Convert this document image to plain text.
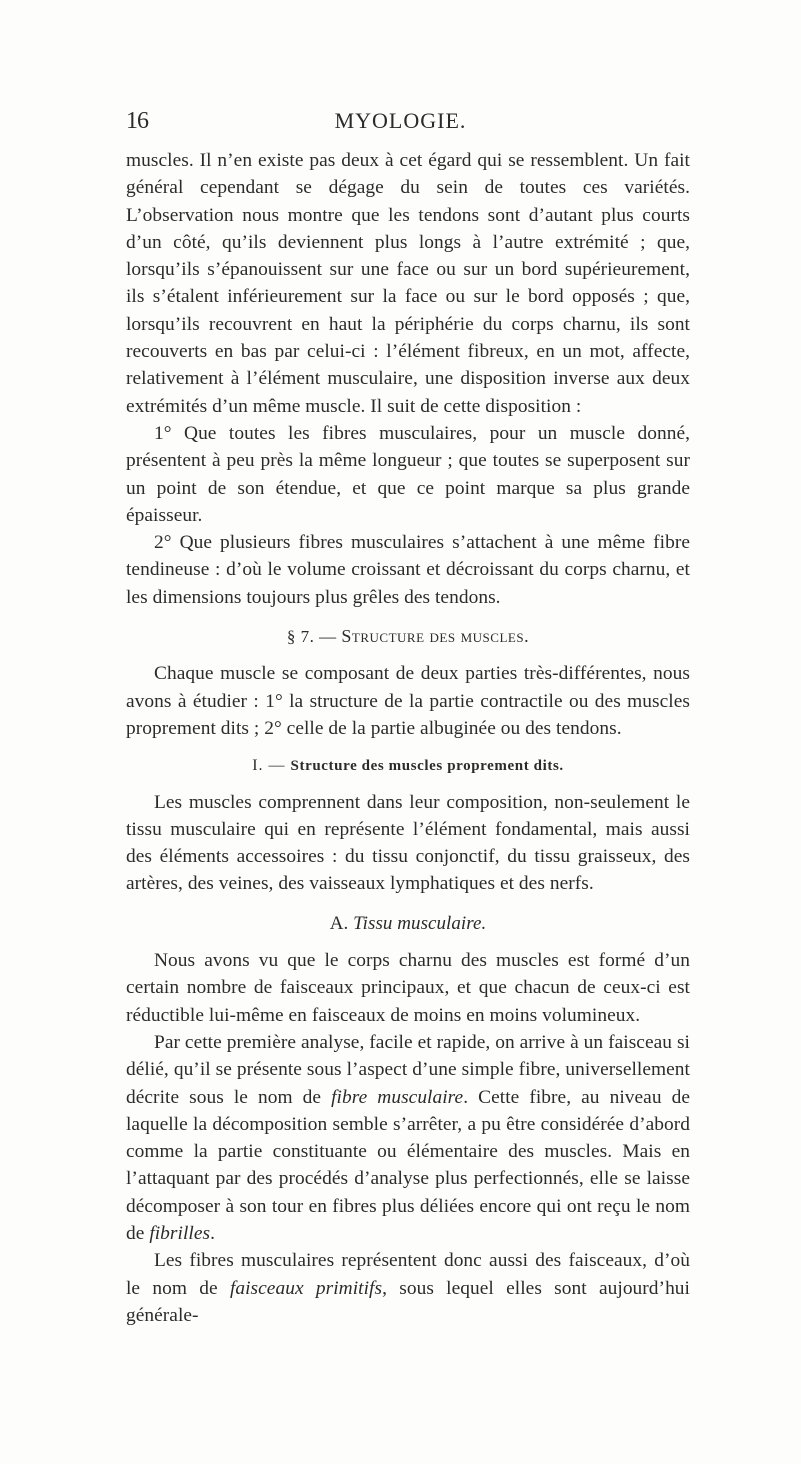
16	MYOLOGIE.

muscles. Il n’en existe pas deux à cet égard qui se ressemblent. Un fait général cependant se dégage du sein de toutes ces variétés. L’observation nous montre que les tendons sont d’autant plus courts d’un côté, qu’ils deviennent plus longs à l’autre extrémité ; que, lorsqu’ils s’épanouissent sur une face ou sur un bord supérieurement, ils s’étalent inférieurement sur la face ou sur le bord opposés ; que, lorsqu’ils recouvrent en haut la périphérie du corps charnu, ils sont recouverts en bas par celui-ci : l’élément fibreux, en un mot, affecte, relativement à l’élément musculaire, une disposition inverse aux deux extrémités d’un même muscle. Il suit de cette disposition :

1° Que toutes les fibres musculaires, pour un muscle donné, présentent à peu près la même longueur ; que toutes se superposent sur un point de son étendue, et que ce point marque sa plus grande épaisseur.

2° Que plusieurs fibres musculaires s’attachent à une même fibre tendineuse : d’où le volume croissant et décroissant du corps charnu, et les dimensions toujours plus grêles des tendons.

§ 7. — Structure des muscles.

Chaque muscle se composant de deux parties très-différentes, nous avons à étudier : 1° la structure de la partie contractile ou des muscles proprement dits ; 2° celle de la partie albuginée ou des tendons.

I. — Structure des muscles proprement dits.

Les muscles comprennent dans leur composition, non-seulement le tissu musculaire qui en représente l’élément fondamental, mais aussi des éléments accessoires : du tissu conjonctif, du tissu graisseux, des artères, des veines, des vaisseaux lymphatiques et des nerfs.

A. Tissu musculaire.

Nous avons vu que le corps charnu des muscles est formé d’un certain nombre de faisceaux principaux, et que chacun de ceux-ci est réductible lui-même en faisceaux de moins en moins volumineux.

Par cette première analyse, facile et rapide, on arrive à un faisceau si délié, qu’il se présente sous l’aspect d’une simple fibre, universellement décrite sous le nom de fibre musculaire. Cette fibre, au niveau de laquelle la décomposition semble s’arrêter, a pu être considérée d’abord comme la partie constituante ou élémentaire des muscles. Mais en l’attaquant par des procédés d’analyse plus perfectionnés, elle se laisse décomposer à son tour en fibres plus déliées encore qui ont reçu le nom de fibrilles.

Les fibres musculaires représentent donc aussi des faisceaux, d’où le nom de faisceaux primitifs, sous lequel elles sont aujourd’hui générale-
